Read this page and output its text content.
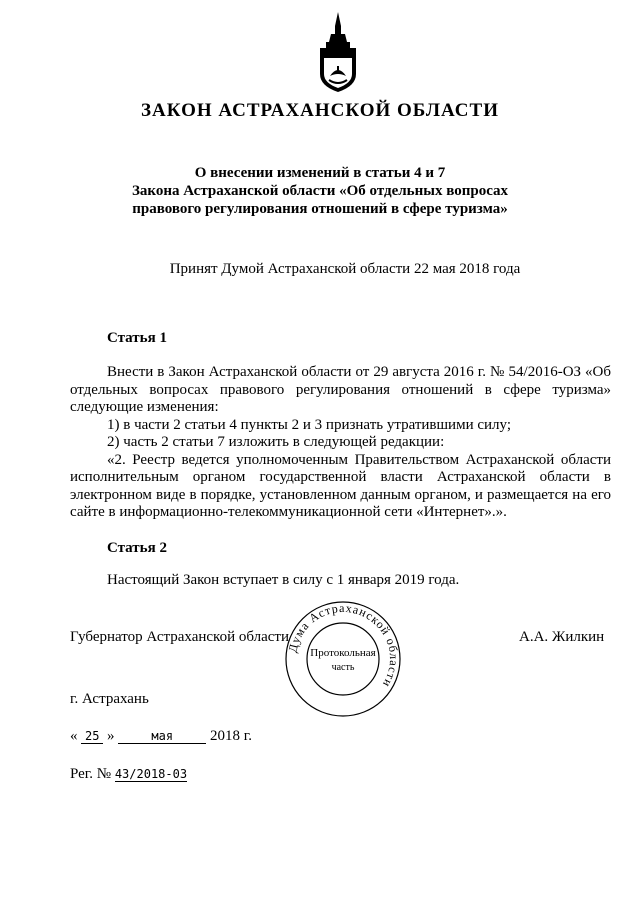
ЗАКОН АСТРАХАНСКОЙ ОБЛАСТИ
О внесении изменений в статьи 4 и 7
Закона Астраханской области «Об отдельных вопросах
правового регулирования отношений в сфере туризма»
Принят Думой Астраханской области 22 мая 2018 года
Статья 1

Внести в Закон Астраханской области от 29 августа 2016 г. № 54/2016-ОЗ «Об отдельных вопросах правового регулирования отношений в сфере туризма» следующие изменения:

1) в части 2 статьи 4 пункты 2 и 3 признать утратившими силу;

2) часть 2 статьи 7 изложить в следующей редакции:

«2. Реестр ведется уполномоченным Правительством Астраханской области исполнительным органом государственной власти Астраханской области в электронном виде в порядке, установленном данным органом, и размещается на его сайте в информационно-телекоммуникационной сети «Интернет».».

Статья 2

Настоящий Закон вступает в силу с 1 января 2019 года.

Губернатор Астраханской области	А.А. Жилкин
Дума Астраханской области
Протокольная
часть
г. Астрахань
« 25 »	мая 2018 г.
Рег. № 43/2018-03
